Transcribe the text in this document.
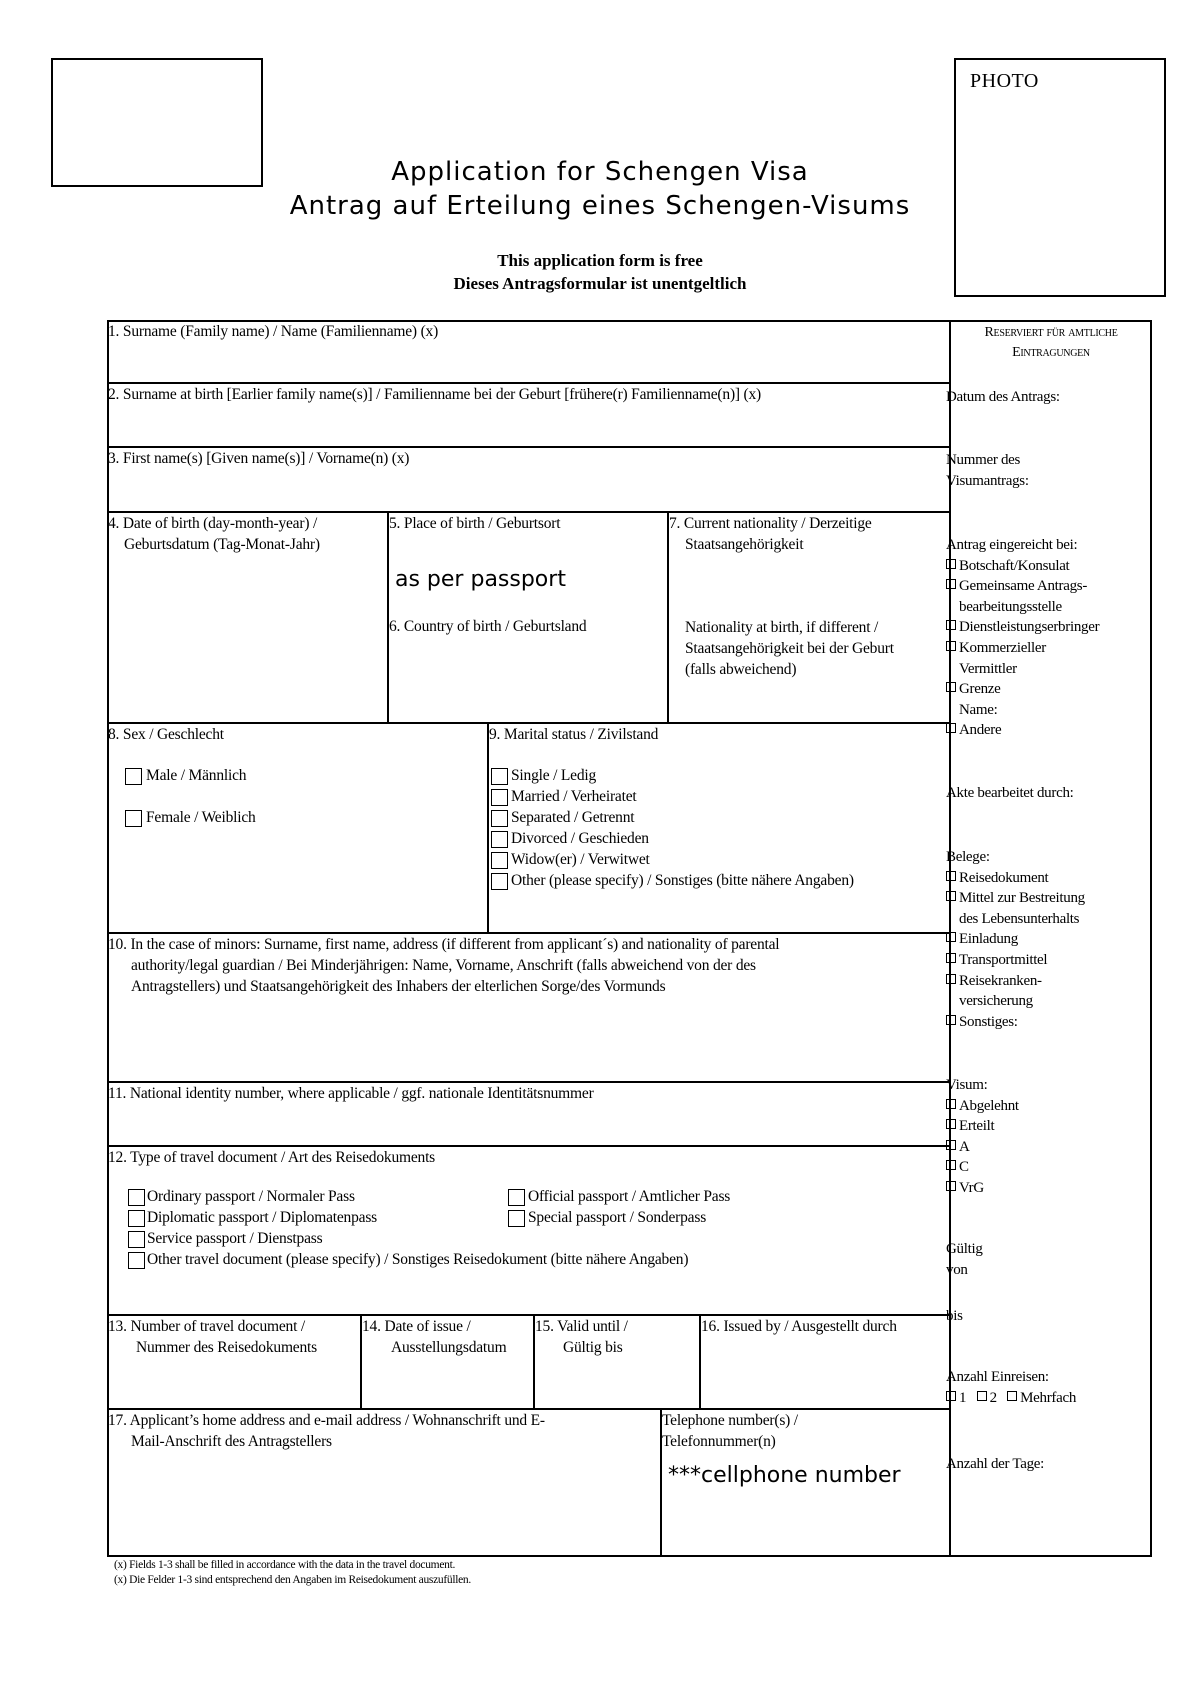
PHOTO
Application for Schengen Visa
Antrag auf Erteilung eines Schengen-Visums
This application form is free
Dieses Antragsformular ist unentgeltlich
1. Surname (Family name) / Name (Familienname) (x)
2. Surname at birth [Earlier family name(s)] / Familienname bei der Geburt [frühere(r) Familienname(n)] (x)
3. First name(s) [Given name(s)] / Vorname(n) (x)
4. Date of birth (day-month-year) /
Geburtsdatum (Tag-Monat-Jahr)
5. Place of birth / Geburtsort
as per passport
6. Country of birth / Geburtsland
7. Current nationality / Derzeitige
Staatsangehörigkeit
Nationality at birth, if different /
Staatsangehörigkeit bei der Geburt
(falls abweichend)
8. Sex / Geschlecht
Male / Männlich
Female / Weiblich
9. Marital status / Zivilstand
Single / Ledig
Married / Verheiratet
Separated / Getrennt
Divorced / Geschieden
Widow(er) / Verwitwet
Other (please specify) / Sonstiges (bitte nähere Angaben)
10. In the case of minors: Surname, first name, address (if different from applicant´s) and nationality of parental
authority/legal guardian / Bei Minderjährigen: Name, Vorname, Anschrift (falls abweichend von der des
Antragstellers) und Staatsangehörigkeit des Inhabers der elterlichen Sorge/des Vormunds
11. National identity number, where applicable / ggf. nationale Identitätsnummer
12. Type of travel document / Art des Reisedokuments
Ordinary passport / Normaler Pass
Diplomatic passport / Diplomatenpass
Service passport / Dienstpass
Other travel document (please specify) / Sonstiges Reisedokument (bitte nähere Angaben)
Official passport / Amtlicher Pass
Special passport / Sonderpass
13. Number of travel document /
Nummer des Reisedokuments
14. Date of issue /
Ausstellungsdatum
15. Valid until /
Gültig bis
16. Issued by / Ausgestellt durch
17. Applicant’s home address and e-mail address / Wohnanschrift und E-
Mail-Anschrift des Antragstellers
Telephone number(s) /
Telefonnummer(n)
***cellphone number
Reserviert für amtliche
Eintragungen
Datum des Antrags:
Nummer des
Visumantrags:
Antrag eingereicht bei:
Botschaft/Konsulat
Gemeinsame Antrags-
bearbeitungsstelle
Dienstleistungserbringer
Kommerzieller
Vermittler
Grenze
Name:
Andere
Akte bearbeitet durch:
Belege:
Reisedokument
Mittel zur Bestreitung
des Lebensunterhalts
Einladung
Transportmittel
Reisekranken-
versicherung
Sonstiges:
Visum:
Abgelehnt
Erteilt
A
C
VrG
Gültig
von
bis
Anzahl Einreisen:
1 2 Mehrfach
Anzahl der Tage:
(x) Fields 1-3 shall be filled in accordance with the data in the travel document.
(x) Die Felder 1-3 sind entsprechend den Angaben im Reisedokument auszufüllen.
